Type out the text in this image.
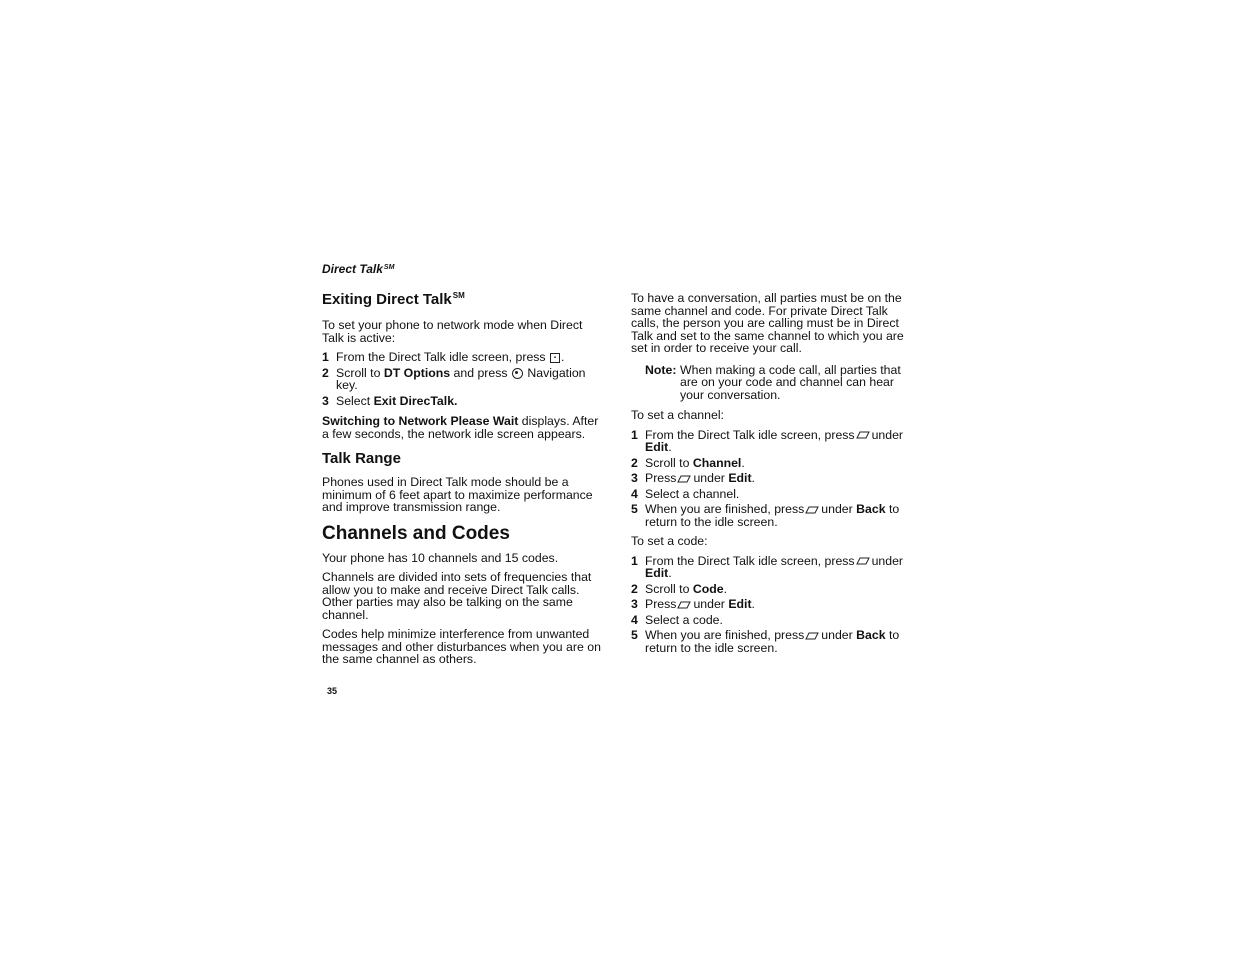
Direct Talk℠
Exiting Direct Talk℠

To set your phone to network mode when Direct Talk is active:

1 From the Direct Talk idle screen, press ▪ .
2 Scroll to DT Options and press Navigation key.
3 Select Exit DirecTalk.

Switching to Network Please Wait displays. After a few seconds, the network idle screen appears.

Talk Range

Phones used in Direct Talk mode should be a minimum of 6 feet apart to maximize performance and improve transmission range.

Channels and Codes

Your phone has 10 channels and 15 codes.

Channels are divided into sets of frequencies that allow you to make and receive Direct Talk calls. Other parties may also be talking on the same channel.

Codes help minimize interference from unwanted messages and other disturbances when you are on the same channel as others.

To have a conversation, all parties must be on the same channel and code. For private Direct Talk calls, the person you are calling must be in Direct Talk and set to the same channel to which you are set in order to receive your call.

Note: When making a code call, all parties that are on your code and channel can hear your conversation.

To set a channel:

1 From the Direct Talk idle screen, press under Edit.
2 Scroll to Channel.
3 Press under Edit.
4 Select a channel.
5 When you are finished, press under Back to return to the idle screen.

To set a code:

1 From the Direct Talk idle screen, press under Edit.
2 Scroll to Code.
3 Press under Edit.
4 Select a code.
5 When you are finished, press under Back to return to the idle screen.
35
